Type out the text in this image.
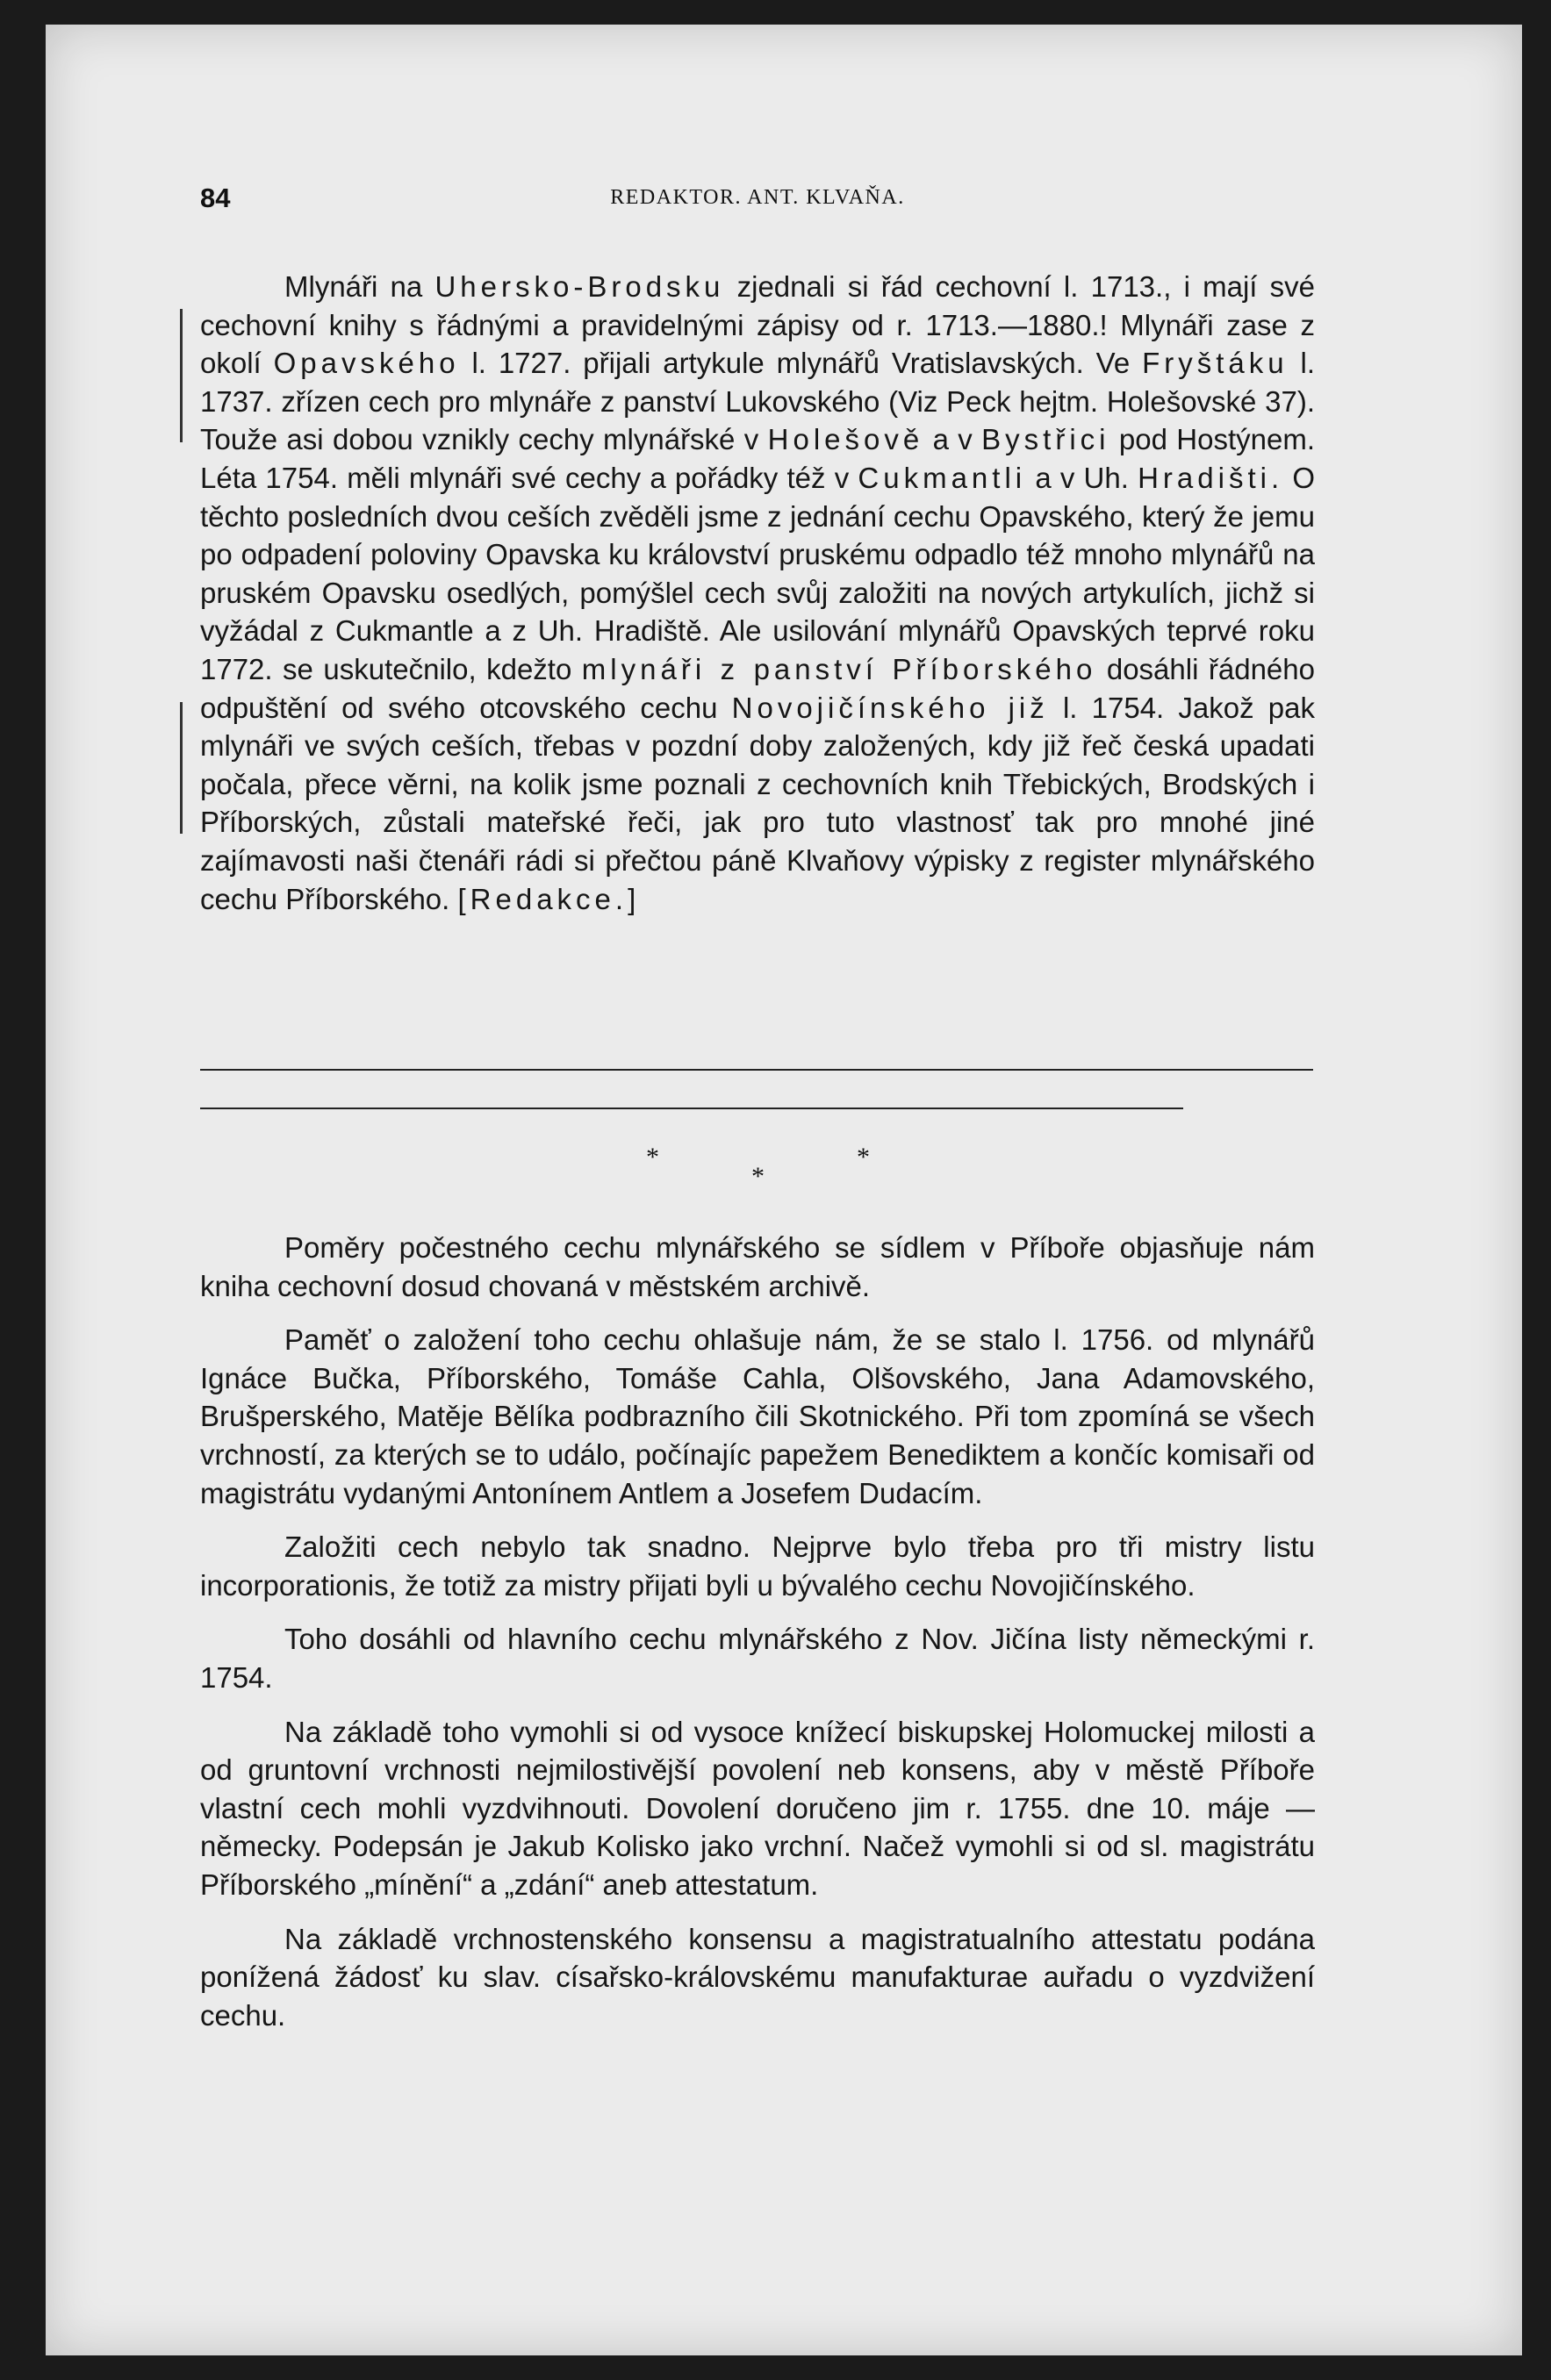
84	REDAKTOR. ANT. KLVAŇA.

Mlynáři na Uhersko-Brodsku zjednali si řád cechovní l. 1713., i mají své cechovní knihy s řádnými a pravidelnými zápisy od r. 1713.—1880.! Mlynáři zase z okolí Opavského l. 1727. přijali artykule mlynářů Vratislavských. Ve Fryštáku l. 1737. zřízen cech pro mlynáře z panství Lukovského (Viz Peck hejtm. Holešovské 37). Touže asi dobou vznikly cechy mlynářské v Holešově a v Bystřici pod Hostýnem. Léta 1754. měli mlynáři své cechy a pořádky též v Cukmantli a v Uh. Hradišti. O těchto posledních dvou ceších zvěděli jsme z jednání cechu Opavského, který že jemu po odpadení poloviny Opavska ku království pruskému odpadlo též mnoho mlynářů na pruském Opavsku osedlých, pomýšlel cech svůj založiti na nových artykulích, jichž si vyžádal z Cukmantle a z Uh. Hradiště. Ale usilování mlynářů Opavských teprvé roku 1772. se uskutečnilo, kdežto mlynáři z panství Příborského dosáhli řádného odpuštění od svého otcovského cechu Novojičínského již l. 1754. Jakož pak mlynáři ve svých ceších, třebas v pozdní doby založených, kdy již řeč česká upadati počala, přece věrni, na kolik jsme poznali z cechovních knih Třebických, Brodských i Příborských, zůstali mateřské řeči, jak pro tuto vlastnosť tak pro mnohé jiné zajímavosti naši čtenáři rádi si přečtou páně Klvaňovy výpisky z register mlynářského cechu Příborského. [Redakce.]

*
*
*

Poměry počestného cechu mlynářského se sídlem v Příboře objasňuje nám kniha cechovní dosud chovaná v městském archivě.

Paměť o založení toho cechu ohlašuje nám, že se stalo l. 1756. od mlynářů Ignáce Bučka, Příborského, Tomáše Cahla, Olšovského, Jana Adamovského, Brušperského, Matěje Bělíka podbrazního čili Skotnického. Při tom zpomíná se všech vrchností, za kterých se to událo, počínajíc papežem Benediktem a končíc komisaři od magistrátu vydanými Antonínem Antlem a Josefem Dudacím.

Založiti cech nebylo tak snadno. Nejprve bylo třeba pro tři mistry listu incorporationis, že totiž za mistry přijati byli u bývalého cechu Novojičínského.

Toho dosáhli od hlavního cechu mlynářského z Nov. Jičína listy německými r. 1754.

Na základě toho vymohli si od vysoce knížecí biskupskej Holomuckej milosti a od gruntovní vrchnosti nejmilostivější povolení neb konsens, aby v městě Příboře vlastní cech mohli vyzdvihnouti. Dovolení doručeno jim r. 1755. dne 10. máje — německy. Podepsán je Jakub Kolisko jako vrchní. Načež vymohli si od sl. magistrátu Příborského „mínění“ a „zdání“ aneb attestatum.

Na základě vrchnostenského konsensu a magistratualního attestatu podána ponížená žádosť ku slav. císařsko-královskému manufakturae auřadu o vyzdvižení cechu.
